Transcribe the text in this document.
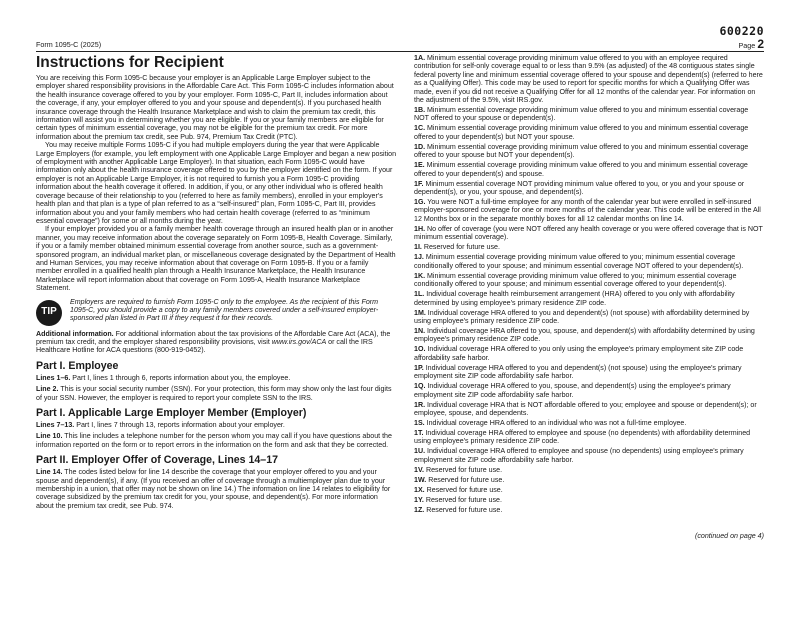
Form 1095-C (2025)
600220
Page 2
Instructions for Recipient

You are receiving this Form 1095-C because your employer is an Applicable Large Employer subject to the employer shared responsibility provisions in the Affordable Care Act. This Form 1095-C includes information about the health insurance coverage offered to you by your employer. Form 1095-C, Part II, includes information about the coverage, if any, your employer offered to you and your spouse and dependent(s). If you purchased health insurance coverage through the Health Insurance Marketplace and wish to claim the premium tax credit, this information will assist you in determining whether you are eligible. If you or your family members are eligible for certain types of minimum essential coverage, you may not be eligible for the premium tax credit. For more information about the premium tax credit, see Pub. 974, Premium Tax Credit (PTC).

You may receive multiple Forms 1095-C if you had multiple employers during the year that were Applicable Large Employers (for example, you left employment with one Applicable Large Employer and began a new position of employment with another Applicable Large Employer). In that situation, each Form 1095-C would have information only about the health insurance coverage offered to you by the employer identified on the form. If your employer is not an Applicable Large Employer, it is not required to furnish you a Form 1095-C providing information about the health coverage it offered. In addition, if you, or any other individual who is offered health coverage because of their relationship to you (referred to here as family members), enrolled in your employer's health plan and that plan is a type of plan referred to as a “self-insured” plan, Form 1095-C, Part III, provides information about you and your family members who had certain health coverage (referred to as “minimum essential coverage”) for some or all months during the year.

If your employer provided you or a family member health coverage through an insured health plan or in another manner, you may receive information about the coverage separately on Form 1095-B, Health Coverage. Similarly, if you or a family member obtained minimum essential coverage from another source, such as a government-sponsored program, an individual market plan, or miscellaneous coverage designated by the Department of Health and Human Services, you may receive information about that coverage on Form 1095-B. If you or a family member enrolled in a qualified health plan through a Health Insurance Marketplace, the Health Insurance Marketplace will report information about that coverage on Form 1095-A, Health Insurance Marketplace Statement.

TIP
Employers are required to furnish Form 1095-C only to the employee. As the recipient of this Form 1095-C, you should provide a copy to any family members covered under a self-insured employer-sponsored plan listed in Part III if they request it for their records.

Additional information. For additional information about the tax provisions of the Affordable Care Act (ACA), the premium tax credit, and the employer shared responsibility provisions, visit www.irs.gov/ACA or call the IRS Healthcare Hotline for ACA questions (800-919-0452).

Part I. Employee

Lines 1–6. Part I, lines 1 through 6, reports information about you, the employee.

Line 2. This is your social security number (SSN). For your protection, this form may show only the last four digits of your SSN. However, the employer is required to report your complete SSN to the IRS.

Part I. Applicable Large Employer Member (Employer)

Lines 7–13. Part I, lines 7 through 13, reports information about your employer.

Line 10. This line includes a telephone number for the person whom you may call if you have questions about the information reported on the form or to report errors in the information on the form and ask that they be corrected.

Part II. Employer Offer of Coverage, Lines 14–17

Line 14. The codes listed below for line 14 describe the coverage that your employer offered to you and your spouse and dependent(s), if any. (If you received an offer of coverage through a multiemployer plan due to your membership in a union, that offer may not be shown on line 14.) The information on line 14 relates to eligibility for coverage subsidized by the premium tax credit for you, your spouse, and dependent(s). For more information about the premium tax credit, see Pub. 974.

1A. Minimum essential coverage providing minimum value offered to you with an employee required contribution for self-only coverage equal to or less than 9.5% (as adjusted) of the 48 contiguous states single federal poverty line and minimum essential coverage offered to your spouse and dependent(s) (referred to here as a Qualifying Offer). This code may be used to report for specific months for which a Qualifying Offer was made, even if you did not receive a Qualifying Offer for all 12 months of the calendar year. For information on the adjustment of the 9.5%, visit IRS.gov.

1B. Minimum essential coverage providing minimum value offered to you and minimum essential coverage NOT offered to your spouse or dependent(s).

1C. Minimum essential coverage providing minimum value offered to you and minimum essential coverage offered to your dependent(s) but NOT your spouse.

1D. Minimum essential coverage providing minimum value offered to you and minimum essential coverage offered to your spouse but NOT your dependent(s).

1E. Minimum essential coverage providing minimum value offered to you and minimum essential coverage offered to your dependent(s) and spouse.

1F. Minimum essential coverage NOT providing minimum value offered to you, or you and your spouse or dependent(s), or you, your spouse, and dependent(s).

1G. You were NOT a full-time employee for any month of the calendar year but were enrolled in self-insured employer-sponsored coverage for one or more months of the calendar year. This code will be entered in the All 12 Months box or in the separate monthly boxes for all 12 calendar months on line 14.

1H. No offer of coverage (you were NOT offered any health coverage or you were offered coverage that is NOT minimum essential coverage).

1I. Reserved for future use.

1J. Minimum essential coverage providing minimum value offered to you; minimum essential coverage conditionally offered to your spouse; and minimum essential coverage NOT offered to your dependent(s).

1K. Minimum essential coverage providing minimum value offered to you; minimum essential coverage conditionally offered to your spouse; and minimum essential coverage offered to your dependent(s).

1L. Individual coverage health reimbursement arrangement (HRA) offered to you only with affordability determined by using employee's primary residence ZIP code.

1M. Individual coverage HRA offered to you and dependent(s) (not spouse) with affordability determined by using employee's primary residence ZIP code.

1N. Individual coverage HRA offered to you, spouse, and dependent(s) with affordability determined by using employee's primary residence ZIP code.

1O. Individual coverage HRA offered to you only using the employee's primary employment site ZIP code affordability safe harbor.

1P. Individual coverage HRA offered to you and dependent(s) (not spouse) using the employee's primary employment site ZIP code affordability safe harbor.

1Q. Individual coverage HRA offered to you, spouse, and dependent(s) using the employee's primary employment site ZIP code affordability safe harbor.

1R. Individual coverage HRA that is NOT affordable offered to you; employee and spouse or dependent(s); or employee, spouse, and dependents.

1S. Individual coverage HRA offered to an individual who was not a full-time employee.

1T. Individual coverage HRA offered to employee and spouse (no dependents) with affordability determined using employee's primary residence ZIP code.

1U. Individual coverage HRA offered to employee and spouse (no dependents) using employee's primary employment site ZIP code affordability safe harbor.

1V. Reserved for future use.

1W. Reserved for future use.

1X. Reserved for future use.

1Y. Reserved for future use.

1Z. Reserved for future use.

(continued on page 4)
